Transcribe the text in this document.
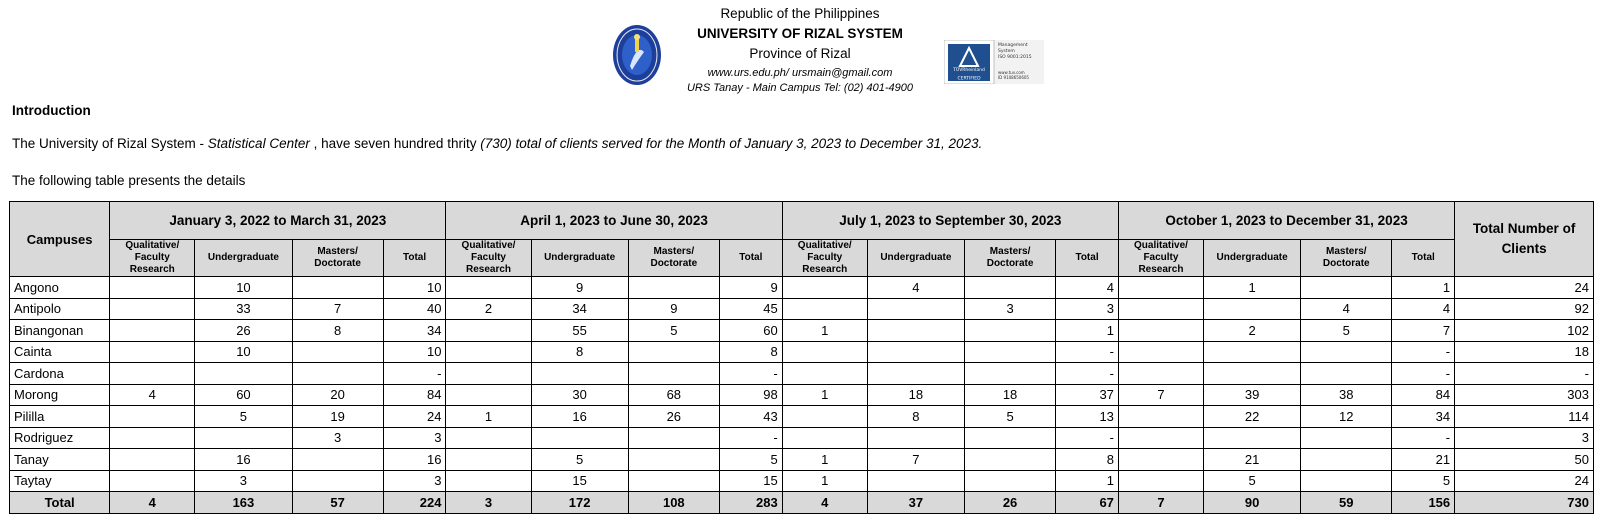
Republic of the Philippines
UNIVERSITY OF RIZAL SYSTEM
Province of Rizal
www.urs.edu.ph/ ursmain@gmail.com
URS Tanay - Main Campus Tel: (02) 401-4900
TÜVRheinland
CERTIFIED
Management
System
ISO 9001:2015
www.tuv.com
ID 9108650605
Introduction
The University of Rizal System - Statistical Center , have seven hundred thrity (730) total of clients served for the Month of January 3, 2023 to December 31, 2023.
The following table presents the details
Campuses	January 3, 2022 to March 31, 2023				April 1, 2023 to June 30, 2023				July 1, 2023 to September 30, 2023				October 1, 2023 to December 31, 2023				Total Number of Clients
	Qualitative/ Faculty Research	Undergraduate	Masters/ Doctorate	Total	Qualitative/ Faculty Research	Undergraduate	Masters/ Doctorate	Total	Qualitative/ Faculty Research	Undergraduate	Masters/ Doctorate	Total	Qualitative/ Faculty Research	Undergraduate	Masters/ Doctorate	Total	
Angono		10		10		9		9		4		4		1		1	24
Antipolo		33	7	40	2	34	9	45			3	3			4	4	92
Binangonan		26	8	34		55	5	60	1			1		2	5	7	102
Cainta		10		10		8		8				-				-	18
Cardona				-				-				-				-	-
Morong	4	60	20	84		30	68	98	1	18	18	37	7	39	38	84	303
Pililla		5	19	24	1	16	26	43		8	5	13		22	12	34	114
Rodriguez			3	3				-				-				-	3
Tanay		16		16		5		5	1	7		8		21		21	50
Taytay		3		3		15		15	1			1		5		5	24
Total	4	163	57	224	3	172	108	283	4	37	26	67	7	90	59	156	730
